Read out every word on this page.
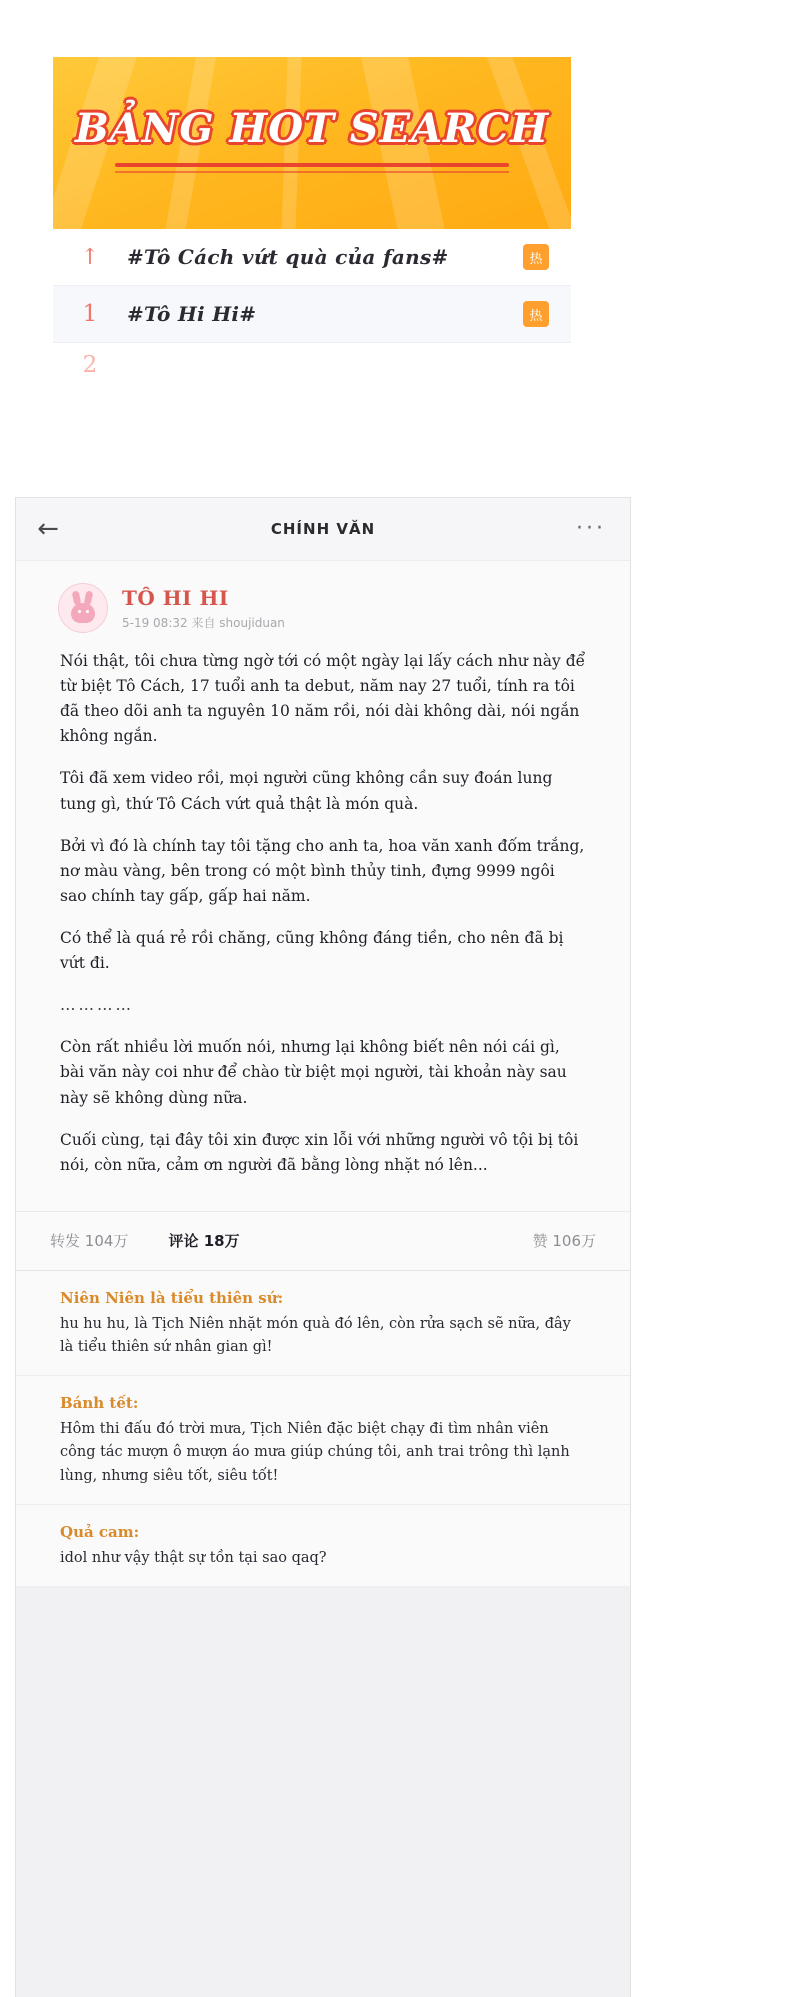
BẢNG HOT SEARCH
↑	#Tô Cách vứt quà của fans#	热
1	#Tô Hi Hi#	热
2
←	CHÍNH VĂN	···
TÔ HI HI
5-19 08:32 来自 shoujiduan

Nói thật, tôi chưa từng ngờ tới có một ngày lại lấy cách như này để từ biệt Tô Cách, 17 tuổi anh ta debut, năm nay 27 tuổi, tính ra tôi đã theo dõi anh ta nguyên 10 năm rồi, nói dài không dài, nói ngắn không ngắn.

Tôi đã xem video rồi, mọi người cũng không cần suy đoán lung tung gì, thứ Tô Cách vứt quả thật là món quà.

Bởi vì đó là chính tay tôi tặng cho anh ta, hoa văn xanh đốm trắng, nơ màu vàng, bên trong có một bình thủy tinh, đựng 9999 ngôi sao chính tay gấp, gấp hai năm.

Có thể là quá rẻ rồi chăng, cũng không đáng tiền, cho nên đã bị vứt đi.

…………

Còn rất nhiều lời muốn nói, nhưng lại không biết nên nói cái gì, bài văn này coi như để chào từ biệt mọi người, tài khoản này sau này sẽ không dùng nữa.

Cuối cùng, tại đây tôi xin được xin lỗi với những người vô tội bị tôi nói, còn nữa, cảm ơn người đã bằng lòng nhặt nó lên...

转发 104万	评论 18万	赞 106万
Niên Niên là tiểu thiên sứ:
hu hu hu, là Tịch Niên nhặt món quà đó lên, còn rửa sạch sẽ nữa, đây là tiểu thiên sứ nhân gian gì!
Bánh tết:
Hôm thi đấu đó trời mưa, Tịch Niên đặc biệt chạy đi tìm nhân viên công tác mượn ô mượn áo mưa giúp chúng tôi, anh trai trông thì lạnh lùng, nhưng siêu tốt, siêu tốt!
Quả cam:
idol như vậy thật sự tồn tại sao qaq?
